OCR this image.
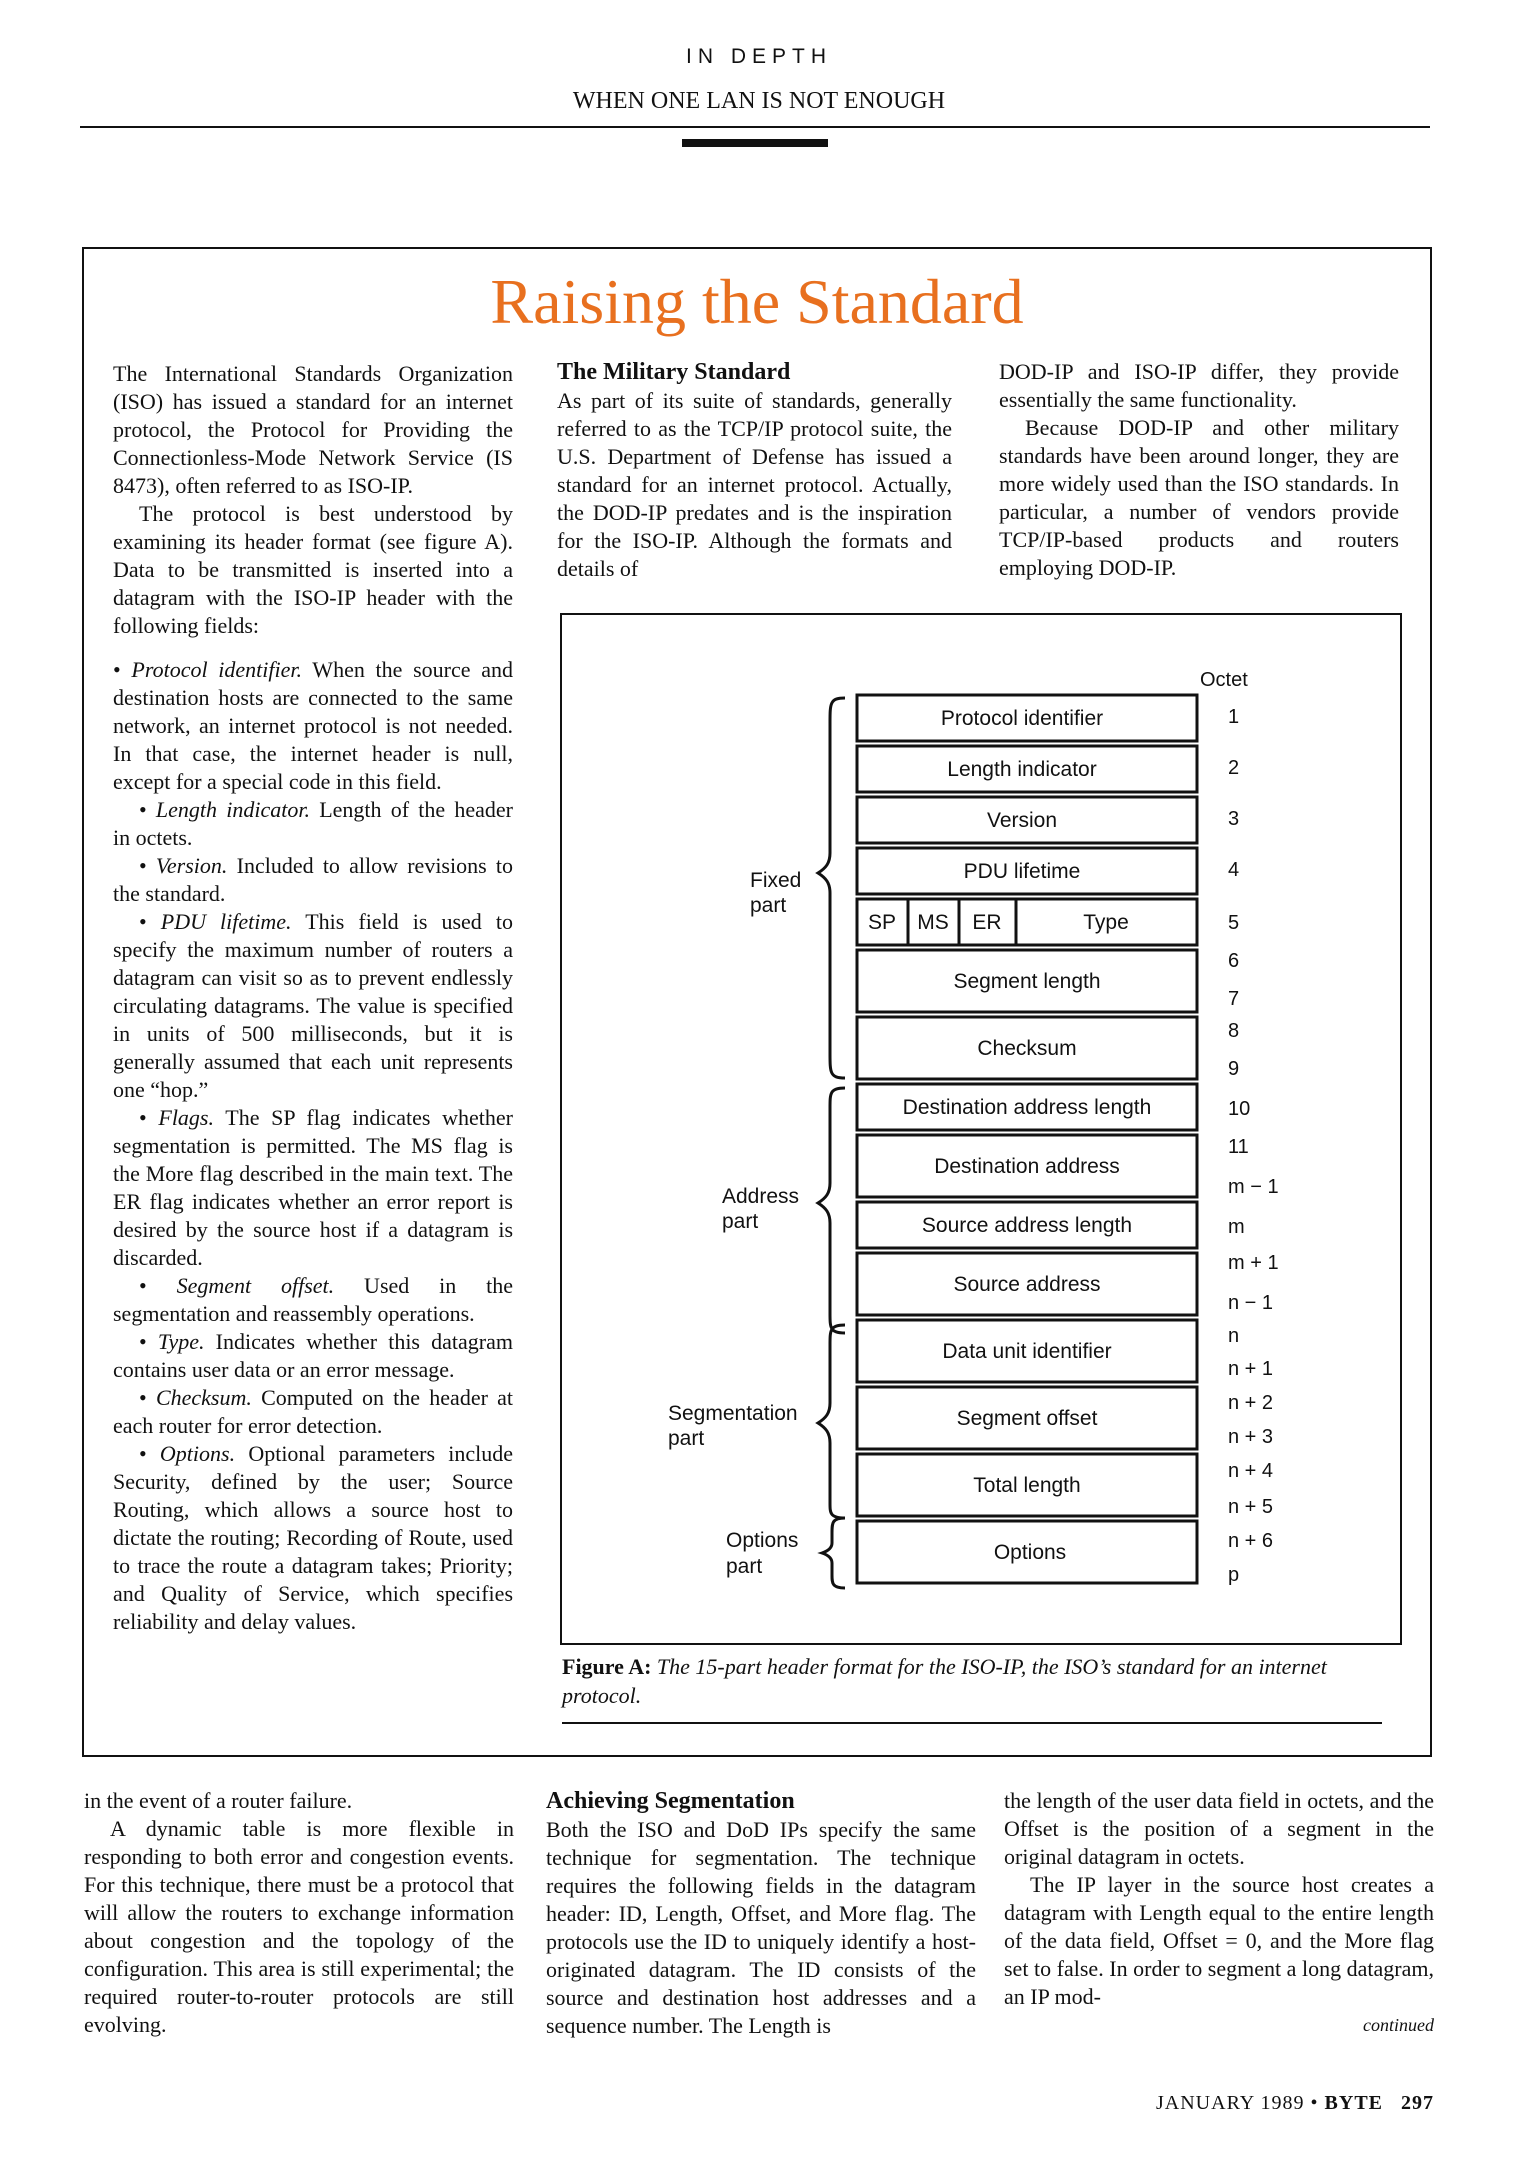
IN DEPTH
WHEN ONE LAN IS NOT ENOUGH
Raising the Standard

The International Standards Organization (ISO) has issued a standard for an internet protocol, the Protocol for Providing the Connectionless-Mode Network Service (IS 8473), often referred to as ISO-IP.

The protocol is best understood by examining its header format (see figure A). Data to be transmitted is inserted into a datagram with the ISO-IP header with the following fields:

• Protocol identifier. When the source and destination hosts are connected to the same network, an internet protocol is not needed. In that case, the internet header is null, except for a special code in this field.

• Length indicator. Length of the header in octets.

• Version. Included to allow revisions to the standard.

• PDU lifetime. This field is used to specify the maximum number of routers a datagram can visit so as to prevent endlessly circulating datagrams. The value is specified in units of 500 milliseconds, but it is generally assumed that each unit represents one “hop.”

• Flags. The SP flag indicates whether segmentation is permitted. The MS flag is the More flag described in the main text. The ER flag indicates whether an error report is desired by the source host if a datagram is discarded.

• Segment offset. Used in the segmentation and reassembly operations.

• Type. Indicates whether this datagram contains user data or an error message.

• Checksum. Computed on the header at each router for error detection.

• Options. Optional parameters include Security, defined by the user; Source Routing, which allows a source host to dictate the routing; Recording of Route, used to trace the route a datagram takes; Priority; and Quality of Service, which specifies reliability and delay values.

The Military Standard

As part of its suite of standards, generally referred to as the TCP/IP protocol suite, the U.S. Department of Defense has issued a standard for an internet protocol. Actually, the DOD-IP predates and is the inspiration for the ISO-IP. Although the formats and details of

DOD-IP and ISO-IP differ, they provide essentially the same functionality.

Because DOD-IP and other military standards have been around longer, they are more widely used than the ISO standards. In particular, a number of vendors provide TCP/IP-based products and routers employing DOD-IP.

Protocol identifier
Length indicator
Version
PDU lifetime
SP MS ER	Type
Segment length
Checksum
Destination address length
Destination address
Source address length
Source address
Data unit identifier
Segment offset
Total length
Options
Fixed
part
Address
part
Segmentation
part
Options
part
Octet
1
2
3
4
5
6
7
8
9
10
11
m − 1
m
m + 1
n − 1
n
n + 1
n + 2
n + 3
n + 4
n + 5
n + 6
p
Figure A: The 15-part header format for the ISO-IP, the ISO’s standard for an internet protocol.

in the event of a router failure.

A dynamic table is more flexible in responding to both error and congestion events. For this technique, there must be a protocol that will allow the routers to exchange information about congestion and the topology of the configuration. This area is still experimental; the required router-to-router protocols are still evolving.

Achieving Segmentation

Both the ISO and DoD IPs specify the same technique for segmentation. The technique requires the following fields in the datagram header: ID, Length, Offset, and More flag. The protocols use the ID to uniquely identify a host-originated datagram. The ID consists of the source and destination host addresses and a sequence number. The Length is

the length of the user data field in octets, and the Offset is the position of a segment in the original datagram in octets.

The IP layer in the source host creates a datagram with Length equal to the entire length of the data field, Offset = 0, and the More flag set to false. In order to segment a long datagram, an IP mod-

continued
JANUARY 1989 • BYTE 297
